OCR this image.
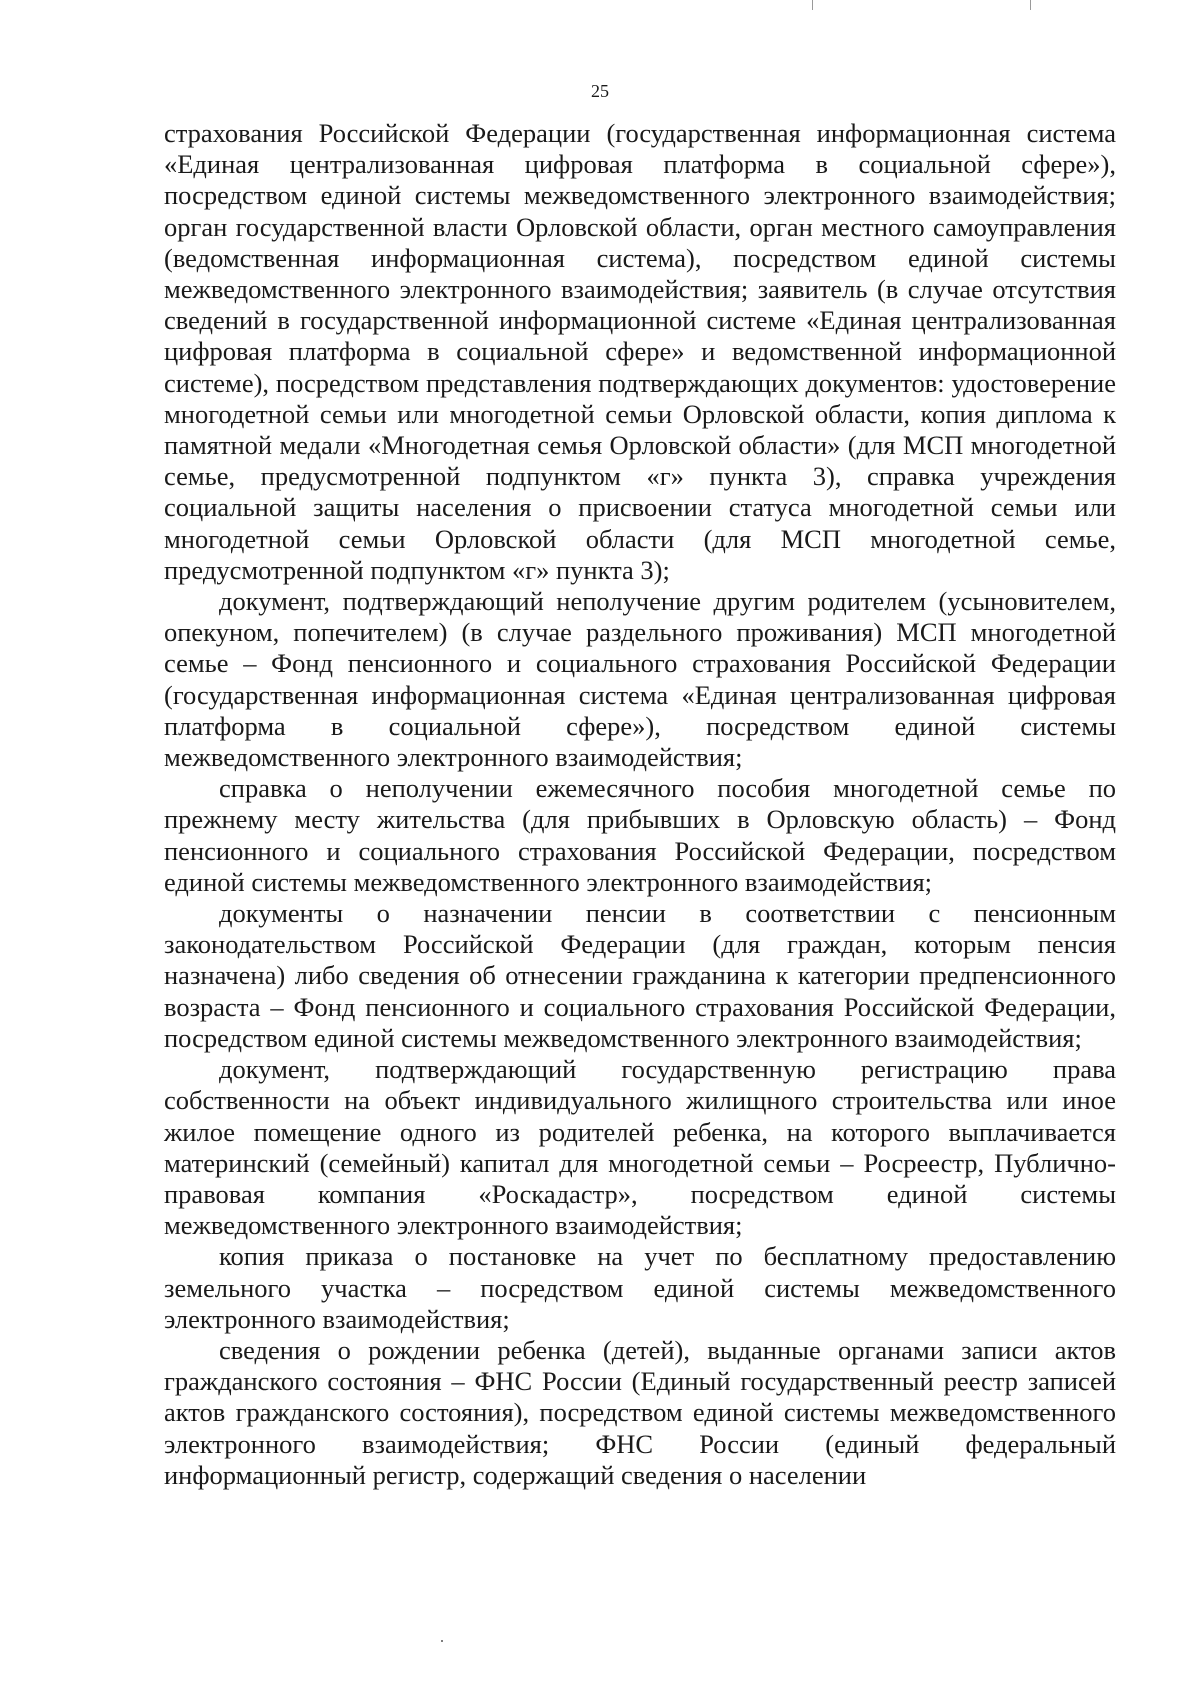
25

страхования Российской Федерации (государственная информационная система «Единая централизованная цифровая платформа в социальной сфере»), посредством единой системы межведомственного электронного взаимодействия; орган государственной власти Орловской области, орган местного самоуправления (ведомственная информационная система), посредством единой системы межведомственного электронного взаимодействия; заявитель (в случае отсутствия сведений в государственной информационной системе «Единая централизованная цифровая платформа в социальной сфере» и ведомственной информационной системе), посредством представления подтверждающих документов: удостоверение многодетной семьи или многодетной семьи Орловской области, копия диплома к памятной медали «Многодетная семья Орловской области» (для МСП многодетной семье, предусмотренной подпунктом «г» пункта 3), справка учреждения социальной защиты населения о присвоении статуса многодетной семьи или многодетной семьи Орловской области (для МСП многодетной семье, предусмотренной подпунктом «г» пункта 3);

документ, подтверждающий неполучение другим родителем (усыновителем, опекуном, попечителем) (в случае раздельного проживания) МСП многодетной семье – Фонд пенсионного и социального страхования Российской Федерации (государственная информационная система «Единая централизованная цифровая платформа в социальной сфере»), посредством единой системы межведомственного электронного взаимодействия;

справка о неполучении ежемесячного пособия многодетной семье по прежнему месту жительства (для прибывших в Орловскую область) – Фонд пенсионного и социального страхования Российской Федерации, посредством единой системы межведомственного электронного взаимодействия;

документы о назначении пенсии в соответствии с пенсионным законодательством Российской Федерации (для граждан, которым пенсия назначена) либо сведения об отнесении гражданина к категории предпенсионного возраста – Фонд пенсионного и социального страхования Российской Федерации, посредством единой системы межведомственного электронного взаимодействия;

документ, подтверждающий государственную регистрацию права собственности на объект индивидуального жилищного строительства или иное жилое помещение одного из родителей ребенка, на которого выплачивается материнский (семейный) капитал для многодетной семьи – Росреестр, Публично-правовая компания «Роскадастр», посредством единой системы межведомственного электронного взаимодействия;

копия приказа о постановке на учет по бесплатному предоставлению земельного участка – посредством единой системы межведомственного электронного взаимодействия;

сведения о рождении ребенка (детей), выданные органами записи актов гражданского состояния – ФНС России (Единый государственный реестр записей актов гражданского состояния), посредством единой системы межведомственного электронного взаимодействия; ФНС России (единый федеральный информационный регистр, содержащий сведения о населении
